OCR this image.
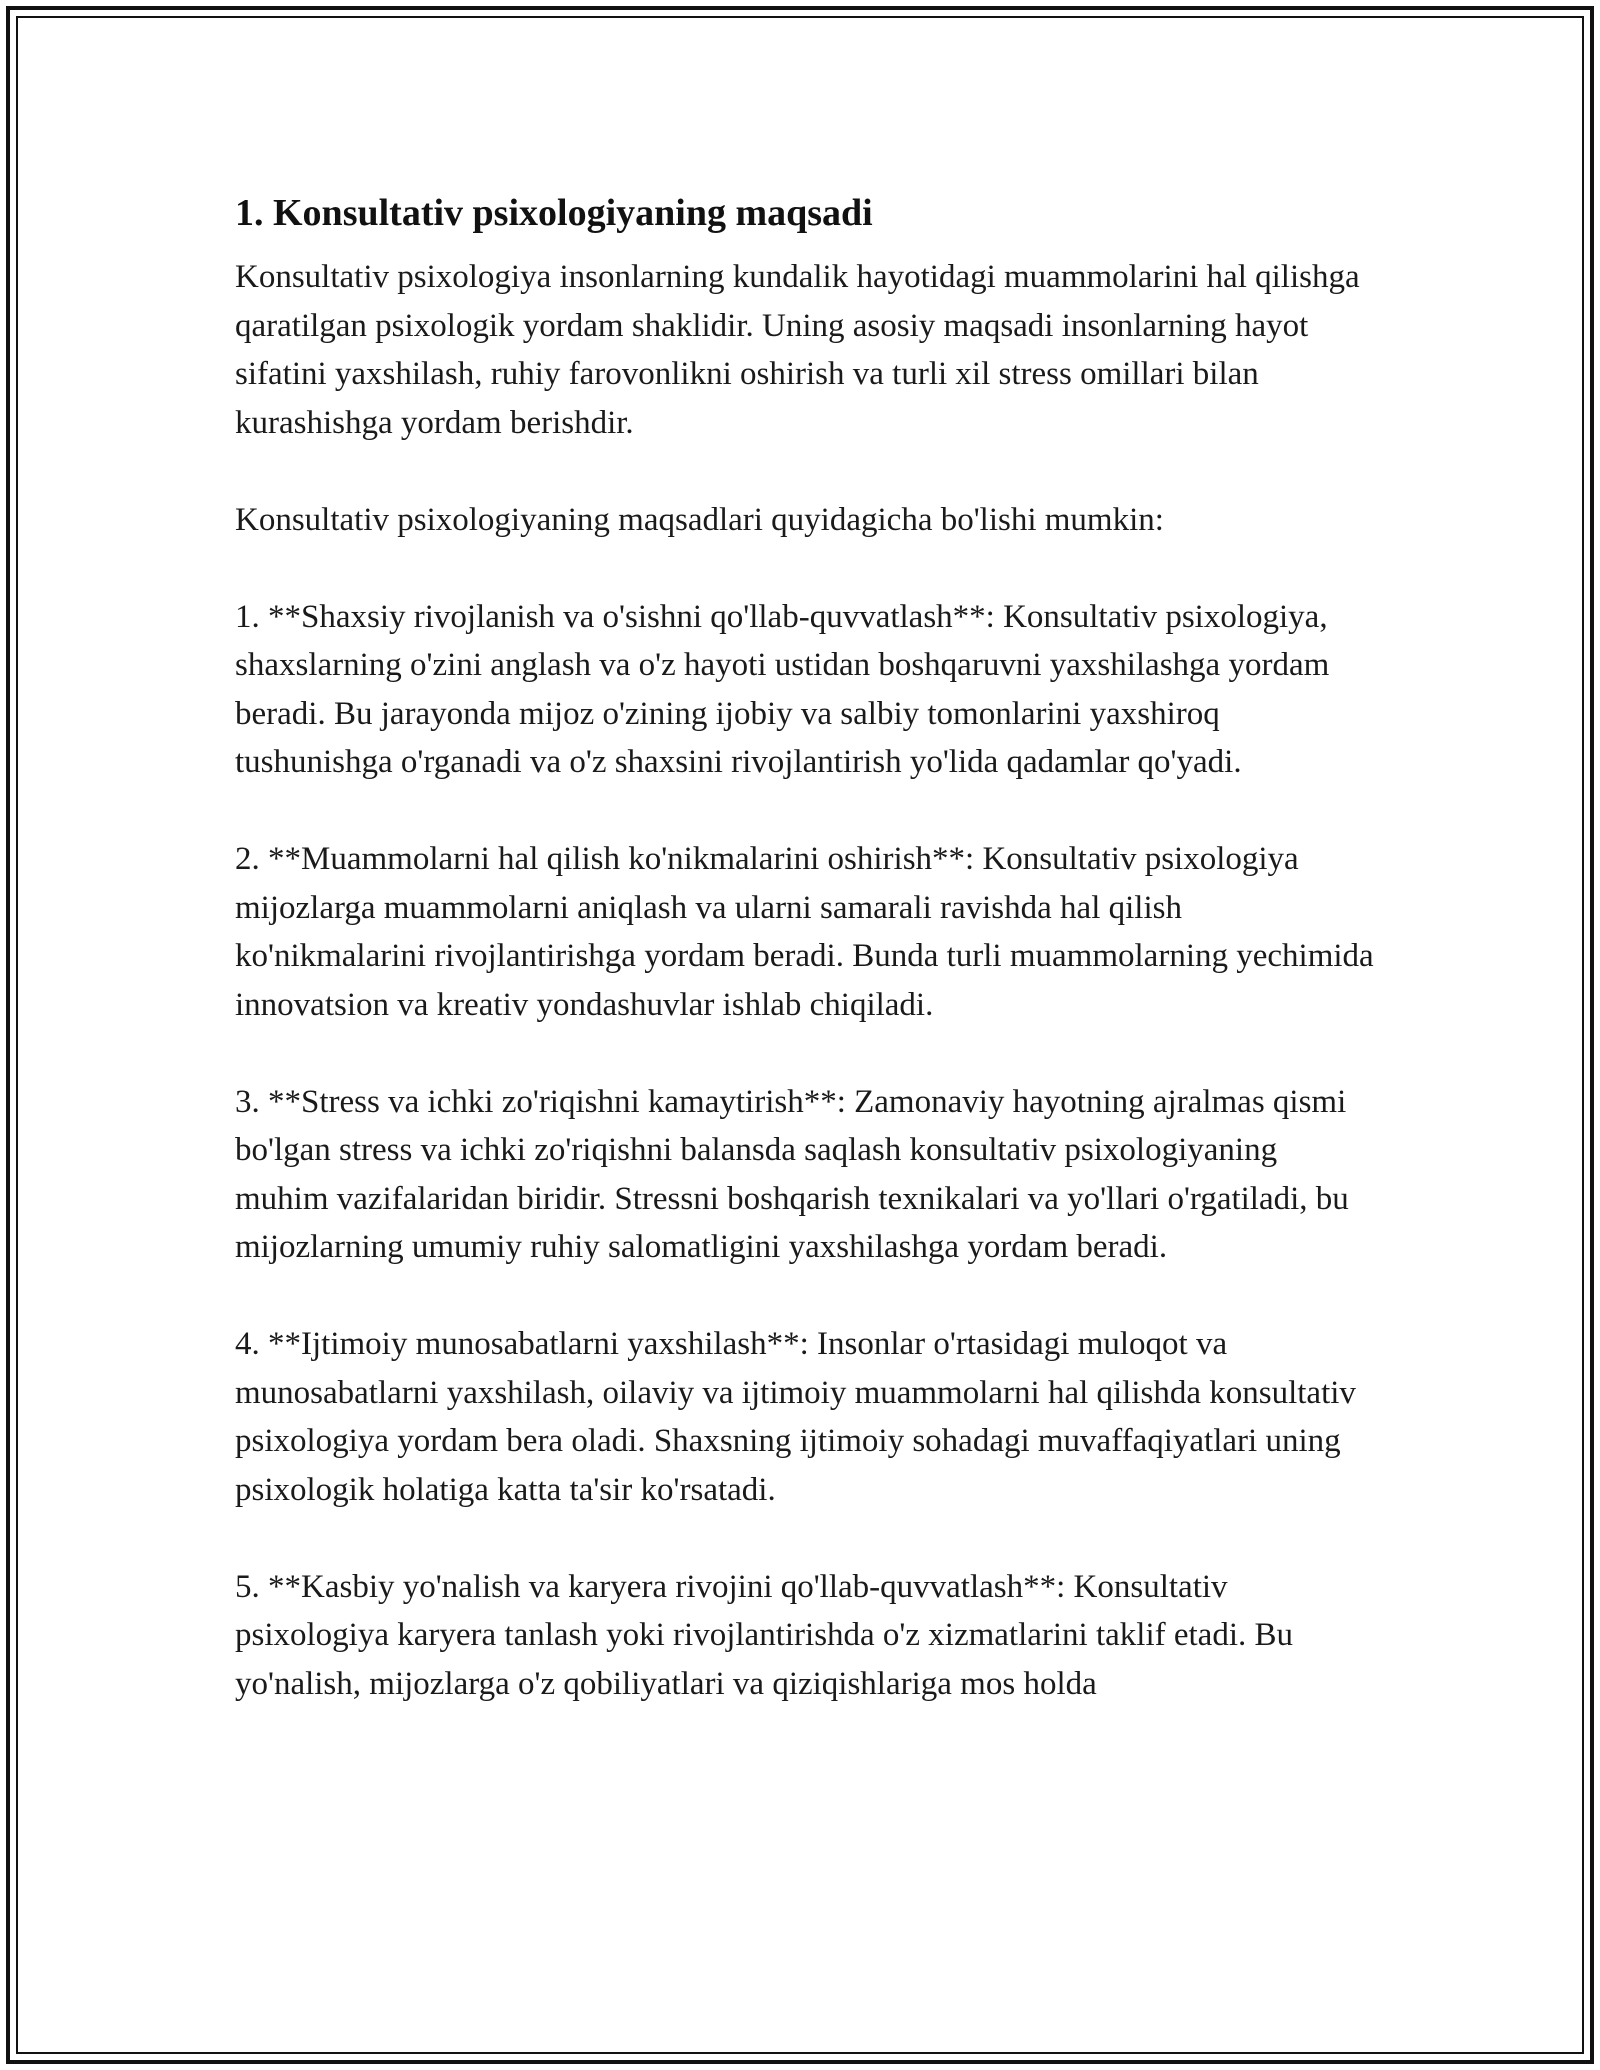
1. Konsultativ psixologiyaning maqsadi

Konsultativ psixologiya insonlarning kundalik hayotidagi muammolarini hal qilishga qaratilgan psixologik yordam shaklidir. Uning asosiy maqsadi insonlarning hayot sifatini yaxshilash, ruhiy farovonlikni oshirish va turli xil stress omillari bilan kurashishga yordam berishdir.

Konsultativ psixologiyaning maqsadlari quyidagicha bo'lishi mumkin:

1. **Shaxsiy rivojlanish va o'sishni qo'llab-quvvatlash**: Konsultativ psixologiya, shaxslarning o'zini anglash va o'z hayoti ustidan boshqaruvni yaxshilashga yordam beradi. Bu jarayonda mijoz o'zining ijobiy va salbiy tomonlarini yaxshiroq tushunishga o'rganadi va o'z shaxsini rivojlantirish yo'lida qadamlar qo'yadi.

2. **Muammolarni hal qilish ko'nikmalarini oshirish**: Konsultativ psixologiya mijozlarga muammolarni aniqlash va ularni samarali ravishda hal qilish ko'nikmalarini rivojlantirishga yordam beradi. Bunda turli muammolarning yechimida innovatsion va kreativ yondashuvlar ishlab chiqiladi.

3. **Stress va ichki zo'riqishni kamaytirish**: Zamonaviy hayotning ajralmas qismi bo'lgan stress va ichki zo'riqishni balansda saqlash konsultativ psixologiyaning muhim vazifalaridan biridir. Stressni boshqarish texnikalari va yo'llari o'rgatiladi, bu mijozlarning umumiy ruhiy salomatligini yaxshilashga yordam beradi.

4. **Ijtimoiy munosabatlarni yaxshilash**: Insonlar o'rtasidagi muloqot va munosabatlarni yaxshilash, oilaviy va ijtimoiy muammolarni hal qilishda konsultativ psixologiya yordam bera oladi. Shaxsning ijtimoiy sohadagi muvaffaqiyatlari uning psixologik holatiga katta ta'sir ko'rsatadi.

5. **Kasbiy yo'nalish va karyera rivojini qo'llab-quvvatlash**: Konsultativ psixologiya karyera tanlash yoki rivojlantirishda o'z xizmatlarini taklif etadi. Bu yo'nalish, mijozlarga o'z qobiliyatlari va qiziqishlariga mos holda
